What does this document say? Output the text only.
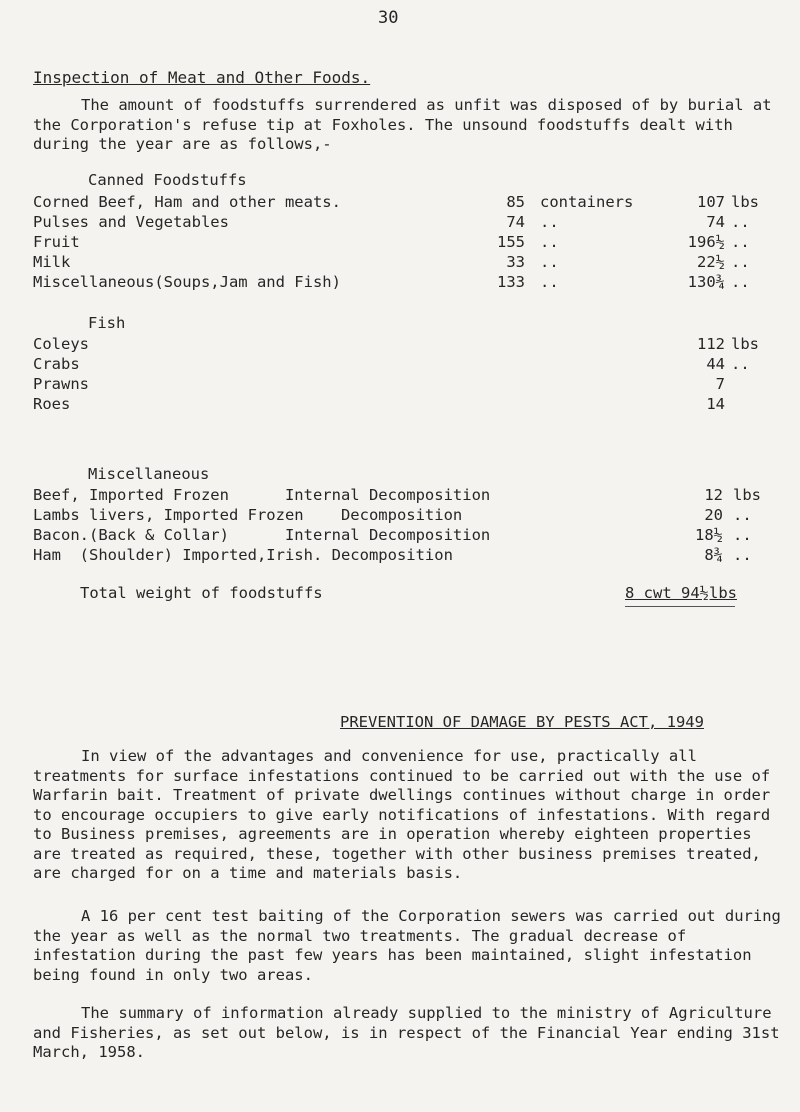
30
Inspection of Meat and Other Foods.

The amount of foodstuffs surrendered as unfit was disposed of by burial at the Corporation's refuse tip at Foxholes. The unsound foodstuffs dealt with during the year are as follows,-

Canned Foodstuffs
Corned Beef, Ham and other meats.	85 containers	107 lbs
Pulses and Vegetables	74 ..	74 ..
Fruit	155 ..	196½ ..
Milk	33 ..	22½ ..
Miscellaneous(Soups,Jam and Fish)	133 ..	130¾ ..
Fish
Coleys	112 lbs
Crabs	44 ..
Prawns	7
Roes	14
Miscellaneous
Beef, Imported Frozen      Internal Decomposition	12 lbs
Lambs livers, Imported Frozen    Decomposition	20 ..
Bacon.(Back & Collar)      Internal Decomposition	18½ ..
Ham  (Shoulder) Imported,Irish. Decomposition	8¾ ..
Total weight of foodstuffs	8 cwt 94½lbs
PREVENTION OF DAMAGE BY PESTS ACT, 1949

In view of the advantages and convenience for use, practically all treatments for surface infestations continued to be carried out with the use of Warfarin bait. Treatment of private dwellings continues without charge in order to encourage occupiers to give early notifications of infestations. With regard to Business premises, agreements are in operation whereby eighteen properties are treated as required, these, together with other business premises treated, are charged for on a time and materials basis.

A 16 per cent test baiting of the Corporation sewers was carried out during the year as well as the normal two treatments. The gradual decrease of infestation during the past few years has been maintained, slight infestation being found in only two areas.

The summary of information already supplied to the ministry of Agriculture and Fisheries, as set out below, is in respect of the Financial Year ending 31st March, 1958.
